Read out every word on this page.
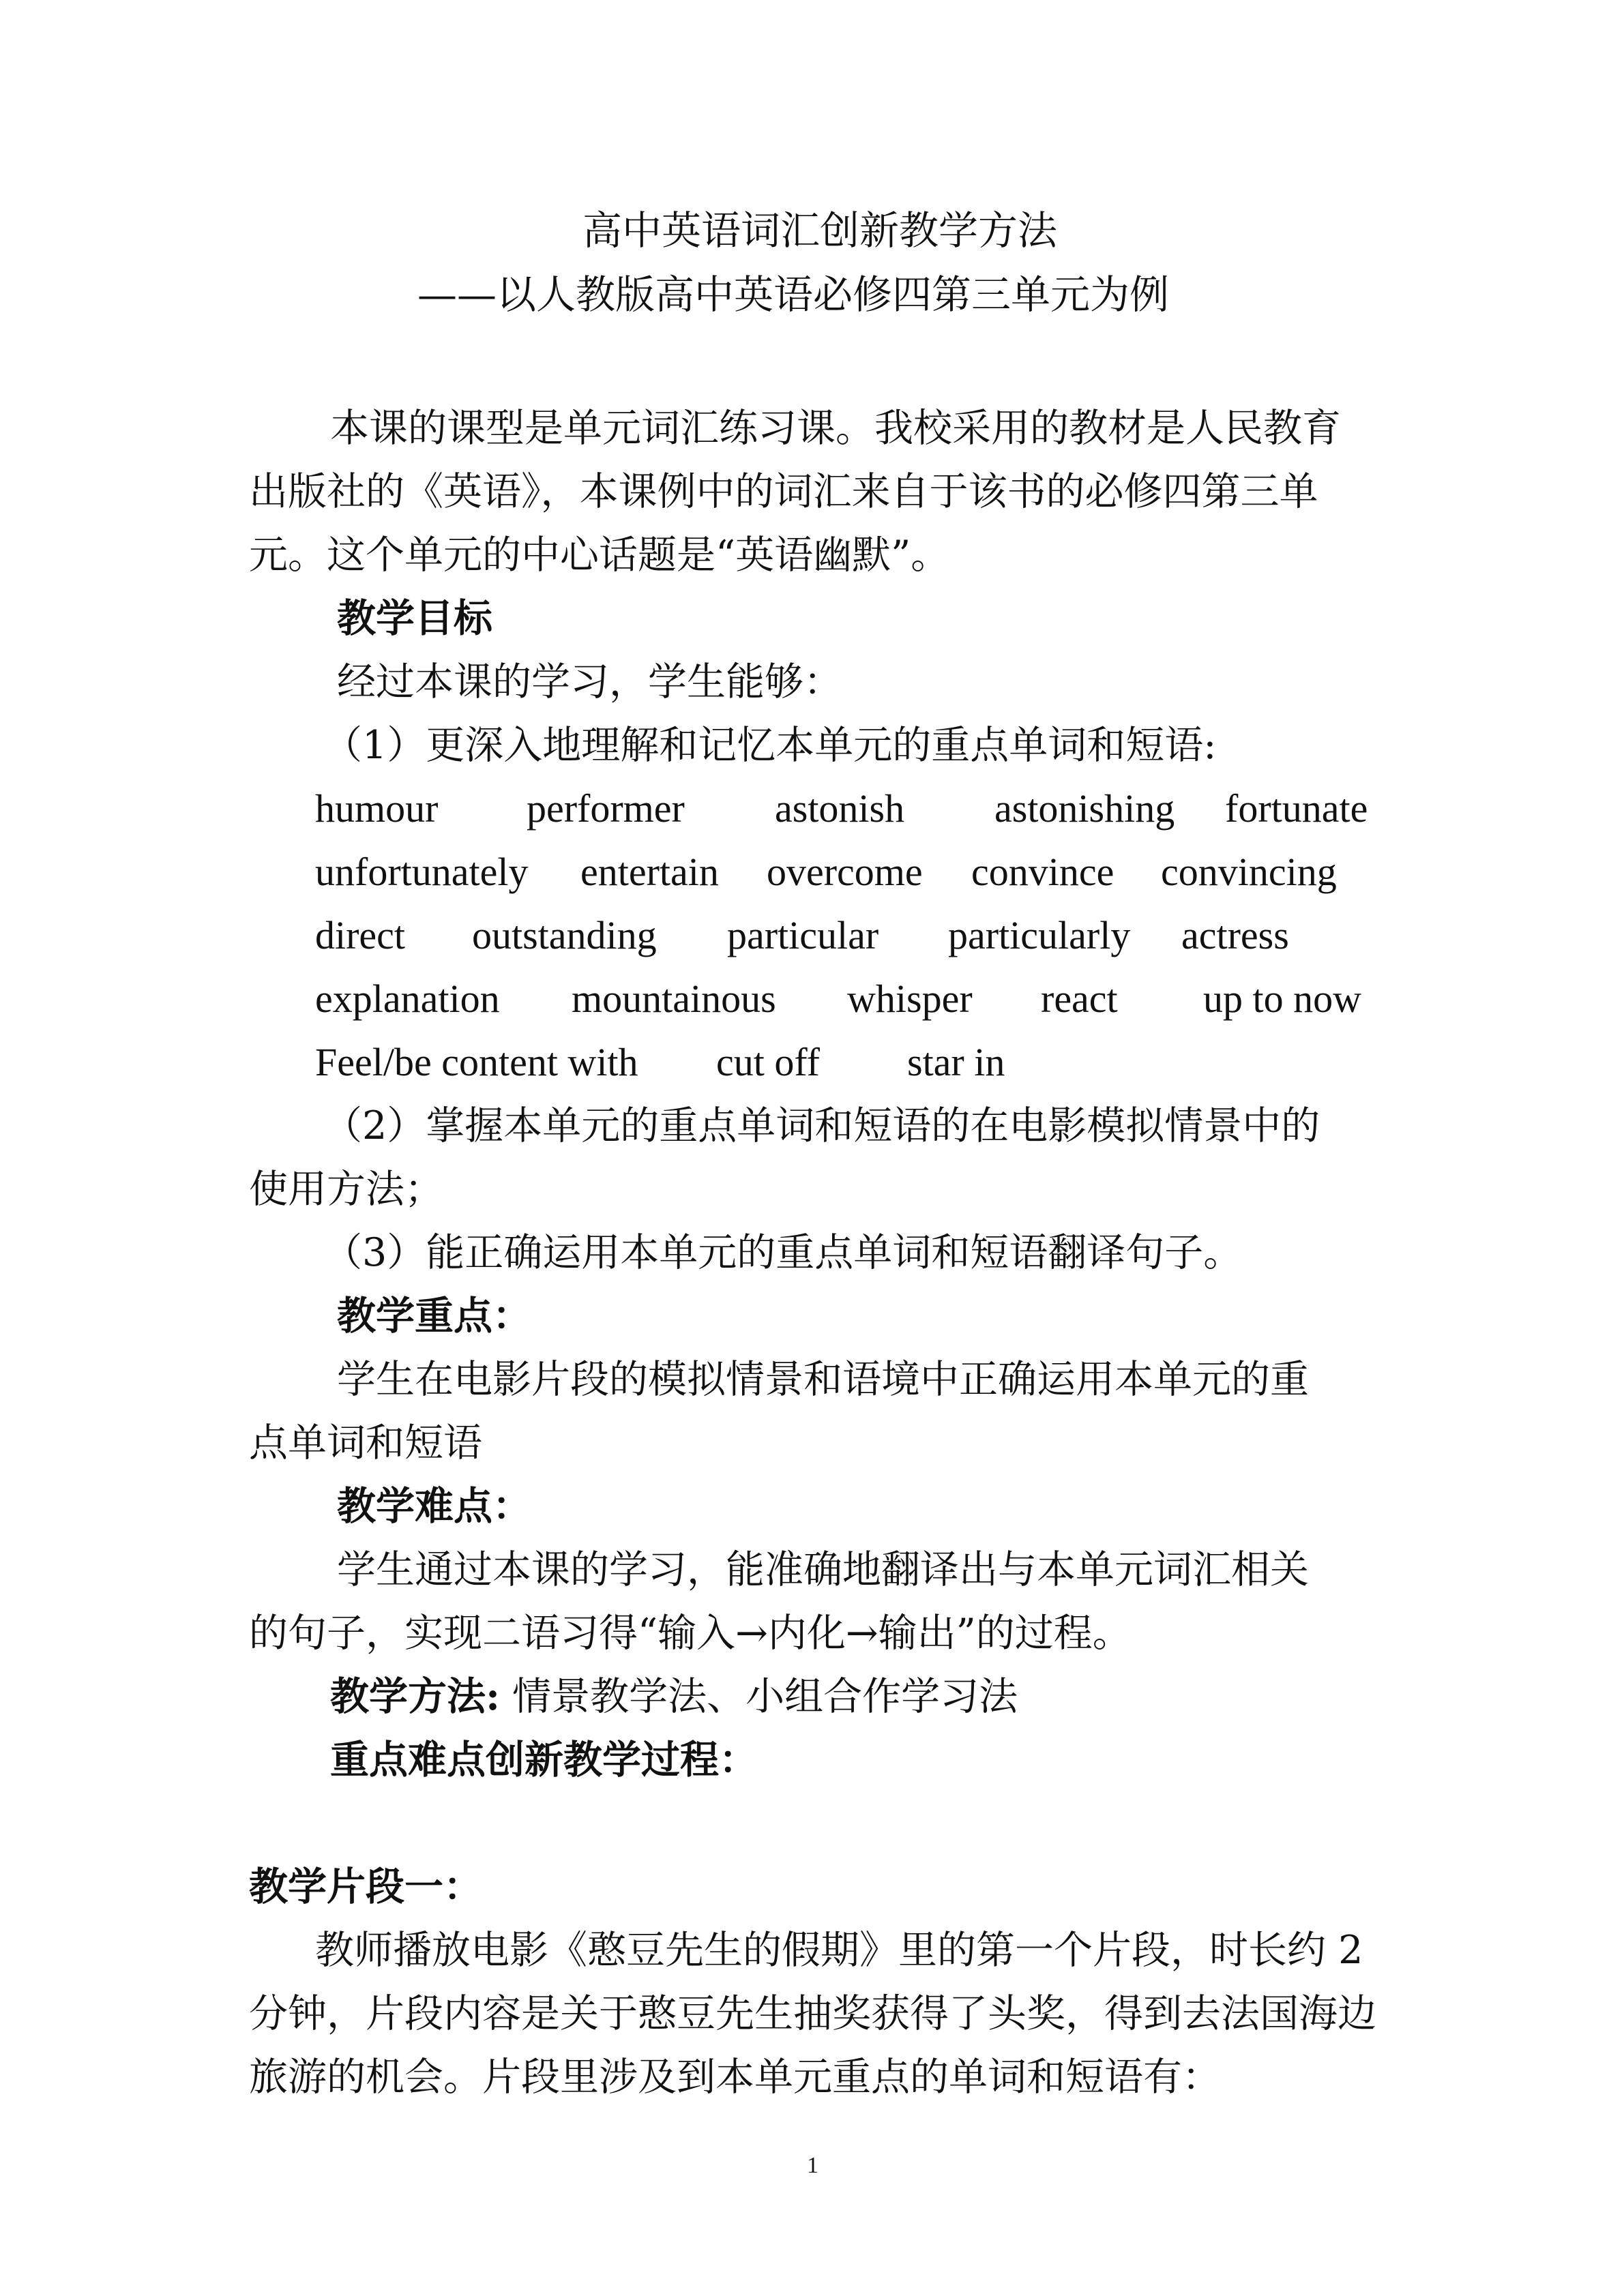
高中英语词汇创新教学方法
——以人教版高中英语必修四第三单元为例
本课的课型是单元词汇练习课。我校采用的教材是人民教育
出版社的《英语》，本课例中的词汇来自于该书的必修四第三单
元。这个单元的中心话题是“英语幽默”。
教学目标
经过本课的学习，学生能够：
（1）更深入地理解和记忆本单元的重点单词和短语:
humour performer astonish astonishing fortunate
unfortunately entertain overcome convince convincing
direct outstanding particular particularly actress
explanation mountainous whisper react up to now
Feel/be content with cut off star in
（2）掌握本单元的重点单词和短语的在电影模拟情景中的
使用方法；
（3）能正确运用本单元的重点单词和短语翻译句子。
教学重点：
学生在电影片段的模拟情景和语境中正确运用本单元的重
点单词和短语
教学难点：
学生通过本课的学习，能准确地翻译出与本单元词汇相关
的句子，实现二语习得“输入→内化→输出”的过程。
教学方法: 情景教学法、小组合作学习法
重点难点创新教学过程：
教学片段一：
教师播放电影《憨豆先生的假期》里的第一个片段，时长约 2
分钟，片段内容是关于憨豆先生抽奖获得了头奖，得到去法国海边
旅游的机会。片段里涉及到本单元重点的单词和短语有：
1
